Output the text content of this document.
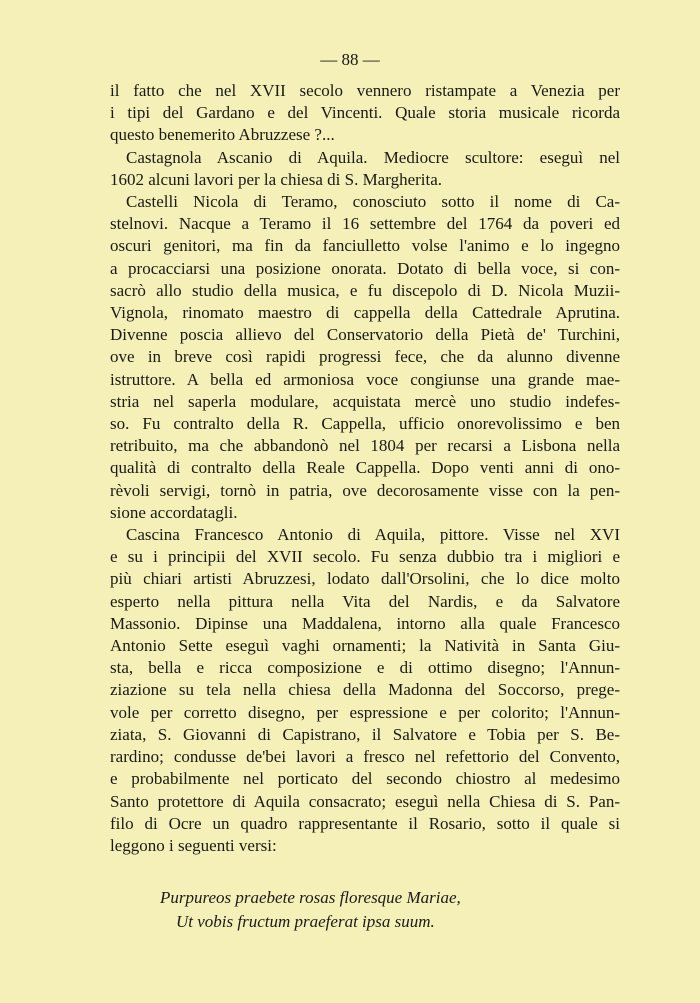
— 88 —
il fatto che nel XVII secolo vennero ristampate a Venezia per
i tipi del Gardano e del Vincenti. Quale storia musicale ricorda
questo benemerito Abruzzese ?...
Castagnola Ascanio di Aquila. Mediocre scultore: eseguì nel
1602 alcuni lavori per la chiesa di S. Margherita.
Castelli Nicola di Teramo, conosciuto sotto il nome di Ca-
stelnovi. Nacque a Teramo il 16 settembre del 1764 da poveri ed
oscuri genitori, ma fin da fanciulletto volse l'animo e lo ingegno
a procacciarsi una posizione onorata. Dotato di bella voce, si con-
sacrò allo studio della musica, e fu discepolo di D. Nicola Muzii-
Vignola, rinomato maestro di cappella della Cattedrale Aprutina.
Divenne poscia allievo del Conservatorio della Pietà de' Turchini,
ove in breve così rapidi progressi fece, che da alunno divenne
istruttore. A bella ed armoniosa voce congiunse una grande mae-
stria nel saperla modulare, acquistata mercè uno studio indefes-
so. Fu contralto della R. Cappella, ufficio onorevolissimo e ben
retribuito, ma che abbandonò nel 1804 per recarsi a Lisbona nella
qualità di contralto della Reale Cappella. Dopo venti anni di ono-
rèvoli servigi, tornò in patria, ove decorosamente visse con la pen-
sione accordatagli.
Cascina Francesco Antonio di Aquila, pittore. Visse nel XVI
e su i principii del XVII secolo. Fu senza dubbio tra i migliori e
più chiari artisti Abruzzesi, lodato dall'Orsolini, che lo dice molto
esperto nella pittura nella Vita del Nardis, e da Salvatore
Massonio. Dipinse una Maddalena, intorno alla quale Francesco
Antonio Sette eseguì vaghi ornamenti; la Natività in Santa Giu-
sta, bella e ricca composizione e di ottimo disegno; l'Annun-
ziazione su tela nella chiesa della Madonna del Soccorso, prege-
vole per corretto disegno, per espressione e per colorito; l'Annun-
ziata, S. Giovanni di Capistrano, il Salvatore e Tobia per S. Be-
rardino; condusse de'bei lavori a fresco nel refettorio del Convento,
e probabilmente nel porticato del secondo chiostro al medesimo
Santo protettore di Aquila consacrato; eseguì nella Chiesa di S. Pan-
filo di Ocre un quadro rappresentante il Rosario, sotto il quale si
leggono i seguenti versi:
Purpureos praebete rosas floresque Mariae,
Ut vobis fructum praeferat ipsa suum.
